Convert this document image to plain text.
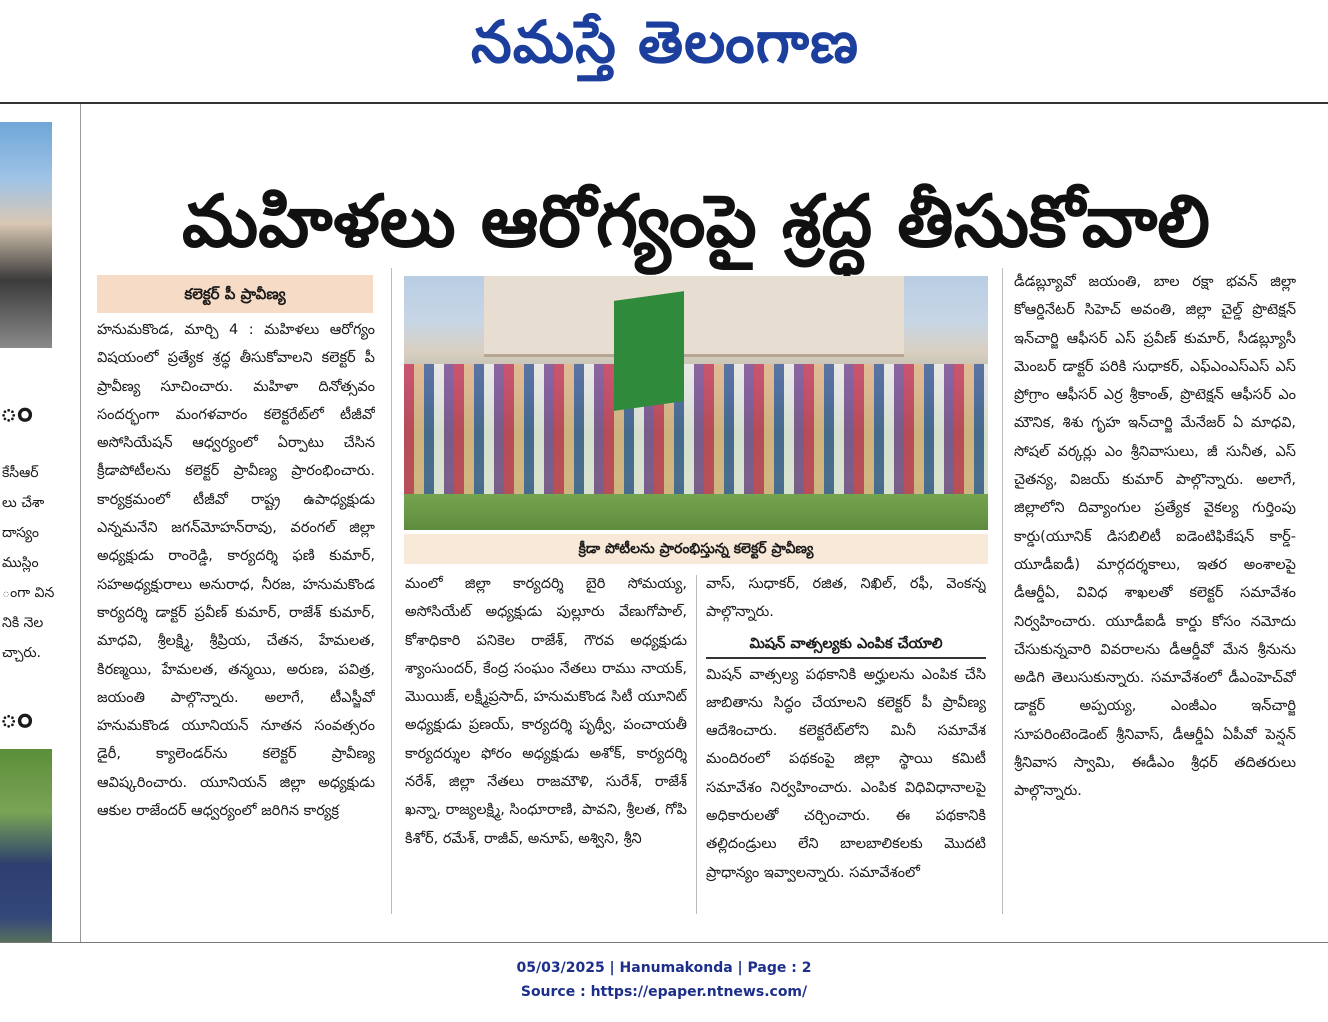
నమస్తే తెలంగాణ
ం
కేసీఆర్
లు చేశా
దాస్యం
ముస్లిం
ంగా విన
నికి నెల
చ్చారు.
ం
మహిళలు ఆరోగ్యంపై శ్రద్ధ తీసుకోవాలి
కలెక్టర్ పీ ప్రావీణ్య

హనుమకొండ, మార్చి 4 : మహిళలు ఆరోగ్యం విషయంలో ప్రత్యేక శ్రద్ధ తీసుకోవాలని కలెక్టర్ పీ ప్రావీణ్య సూచించారు. మహిళా దినోత్సవం సందర్భంగా మంగళవారం కలెక్టరేట్‌లో టీజీవో అసోసియేషన్ ఆధ్వర్యంలో ఏర్పాటు చేసిన క్రీడాపోటీలను కలెక్టర్ ప్రావీణ్య ప్రారంభించారు. కార్యక్రమంలో టీజీవో రాష్ట్ర ఉపాధ్యక్షుడు ఎన్నమనేని జగన్‌మోహన్‌రావు, వరంగల్ జిల్లా అధ్యక్షుడు రాంరెడ్డి, కార్యదర్శి ఫణి కుమార్, సహఅధ్యక్షురాలు అనురాధ, నీరజ, హనుమకొండ కార్యదర్శి డాక్టర్ ప్రవీణ్ కుమార్, రాజేశ్ కుమార్, మాధవి, శ్రీలక్ష్మి, శ్రీప్రియ, చేతన, హేమలత, కిరణ్మయి, హేమలత, తన్మయి, అరుణ, పవిత్ర, జయంతి పాల్గొన్నారు. అలాగే, టీఎస్జీవో హనుమకొండ యూనియన్ నూతన సంవత్సరం డైరీ, క్యాలెండర్‌ను కలెక్టర్ ప్రావీణ్య ఆవిష్కరించారు. యూనియన్ జిల్లా అధ్యక్షుడు ఆకుల రాజేందర్ ఆధ్వర్యంలో జరిగిన కార్యక్ర

క్రీడా పోటీలను ప్రారంభిస్తున్న కలెక్టర్ ప్రావీణ్య

మంలో జిల్లా కార్యదర్శి బైరి సోమయ్య, అసోసియేట్ అధ్యక్షుడు పుల్లూరు వేణుగోపాల్, కోశాధికారి పనికెల రాజేశ్, గౌరవ అధ్యక్షుడు శ్యాంసుందర్, కేంద్ర సంఘం నేతలు రాము నాయక్, మొయిజ్, లక్ష్మీప్రసాద్, హనుమకొండ సిటీ యూనిట్ అధ్యక్షుడు ప్రణయ్, కార్యదర్శి పృథ్వీ, పంచాయతీ కార్యదర్శుల ఫోరం అధ్యక్షుడు అశోక్, కార్యదర్శి నరేశ్, జిల్లా నేతలు రాజమౌళి, సురేశ్, రాజేశ్ ఖన్నా, రాజ్యలక్ష్మి, సింధూరాణి, పావని, శ్రీలత, గోపి కిశోర్, రమేశ్, రాజీవ్, అనూప్, అశ్విని, శ్రీని

వాస్, సుధాకర్, రజిత, నిఖిల్, రఫీ, వెంకన్న పాల్గొన్నారు.

మిషన్ వాత్సల్యకు ఎంపిక చేయాలి

మిషన్ వాత్సల్య పథకానికి అర్హులను ఎంపిక చేసి జాబితాను సిద్ధం చేయాలని కలెక్టర్ పీ ప్రావీణ్య ఆదేశించారు. కలెక్టరేట్‌లోని మినీ సమావేశ మందిరంలో పథకంపై జిల్లా స్థాయి కమిటీ సమావేశం నిర్వహించారు. ఎంపిక విధివిధానాలపై అధికారులతో చర్చించారు. ఈ పథకానికి తల్లిదండ్రులు లేని బాలబాలికలకు మొదటి ప్రాధాన్యం ఇవ్వాలన్నారు. సమావేశంలో

డీడబ్ల్యూవో జయంతి, బాల రక్షా భవన్ జిల్లా కోఆర్డినేటర్ సిహెచ్ అవంతి, జిల్లా చైల్డ్ ప్రొటెక్షన్ ఇన్‌చార్జి ఆఫీసర్ ఎస్ ప్రవీణ్ కుమార్, సీడబ్ల్యూసీ మెంబర్ డాక్టర్ పరికి సుధాకర్, ఎఫ్‌ఎంఎస్‌ఎస్ ఎస్ ప్రోగ్రాం ఆఫీసర్ ఎర్ర శ్రీకాంత్, ప్రొటెక్షన్ ఆఫీసర్ ఎం మౌనిక, శిశు గృహ ఇన్‌చార్జి మేనేజర్ ఏ మాధవి, సోషల్ వర్కర్లు ఎం శ్రీనివాసులు, జీ సునీత, ఎస్ చైతన్య, విజయ్ కుమార్ పాల్గొన్నారు. అలాగే, జిల్లాలోని దివ్యాంగుల ప్రత్యేక వైకల్య గుర్తింపు కార్డు(యూనిక్ డిసబిలిటీ ఐడెంటిఫికేషన్ కార్డ్-యూడీఐడీ) మార్గదర్శకాలు, ఇతర అంశాలపై డీఆర్డీఏ, వివిధ శాఖలతో కలెక్టర్ సమావేశం నిర్వహించారు. యూడీఐడీ కార్డు కోసం నమోదు చేసుకున్నవారి వివరాలను డీఆర్డీవో మేన శ్రీనును అడిగి తెలుసుకున్నారు. సమావేశంలో డీఎంహెచ్‌వో డాక్టర్ అప్పయ్య, ఎంజీఎం ఇన్‌చార్జి సూపరింటెండెంట్ శ్రీనివాస్, డీఆర్డీఏ ఏపీవో పెన్షన్ శ్రీనివాస స్వామి, ఈడీఎం శ్రీధర్ తదితరులు పాల్గొన్నారు.

05/03/2025 | Hanumakonda | Page : 2
Source : https://epaper.ntnews.com/
